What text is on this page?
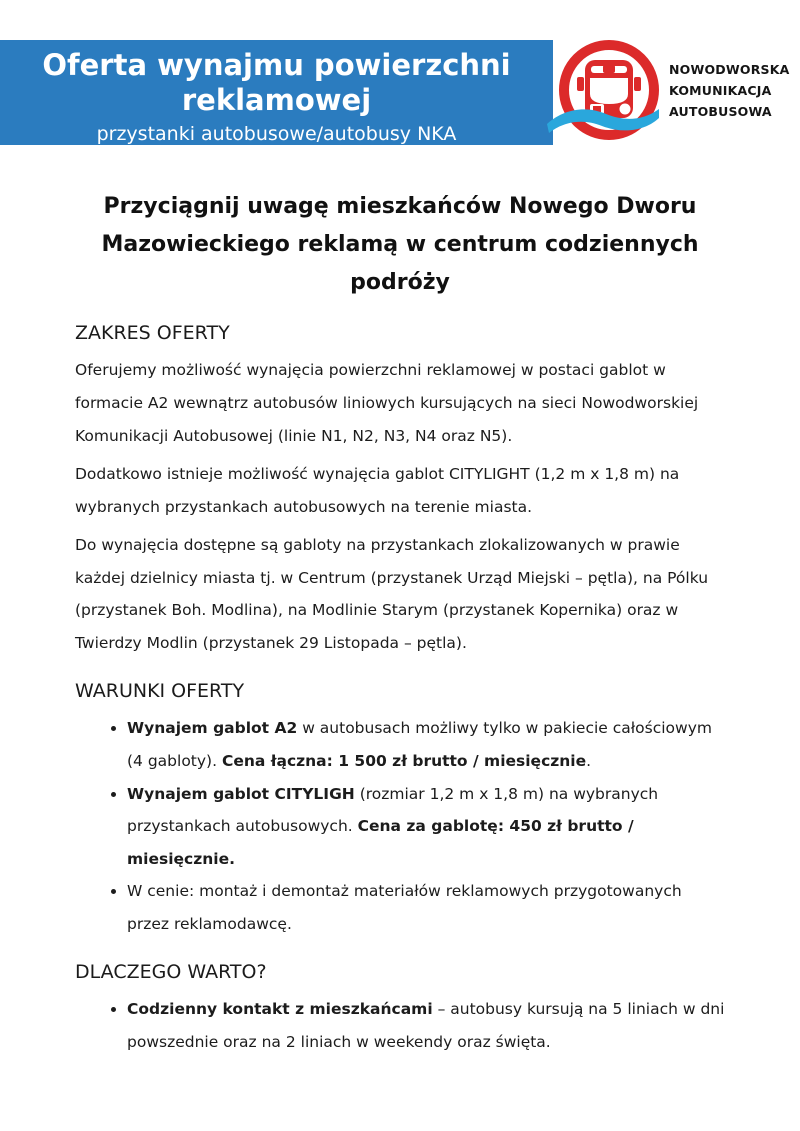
Oferta wynajmu powierzchni reklamowej
przystanki autobusowe/autobusy NKA
NOWODWORSKA
KOMUNIKACJA
AUTOBUSOWA
Przyciągnij uwagę mieszkańców Nowego Dworu Mazowieckiego reklamą w centrum codziennych podróży
ZAKRES OFERTY

Oferujemy możliwość wynajęcia powierzchni reklamowej w postaci gablot w formacie A2 wewnątrz autobusów liniowych kursujących na sieci Nowodworskiej Komunikacji Autobusowej (linie N1, N2, N3, N4 oraz N5).

Dodatkowo istnieje możliwość wynajęcia gablot CITYLIGHT (1,2 m x 1,8 m) na wybranych przystankach autobusowych na terenie miasta.

Do wynajęcia dostępne są gabloty na przystankach zlokalizowanych w prawie każdej dzielnicy miasta tj. w Centrum (przystanek Urząd Miejski – pętla), na Pólku (przystanek Boh. Modlina), na Modlinie Starym (przystanek Kopernika) oraz w Twierdzy Modlin (przystanek 29 Listopada – pętla).

WARUNKI OFERTY
• Wynajem gablot A2 w autobusach możliwy tylko w pakiecie całościowym (4 gabloty). Cena łączna: 1 500 zł brutto / miesięcznie.
• Wynajem gablot CITYLIGH (rozmiar 1,2 m x 1,8 m) na wybranych przystankach autobusowych. Cena za gablotę: 450 zł brutto / miesięcznie.
• W cenie: montaż i demontaż materiałów reklamowych przygotowanych przez reklamodawcę.
DLACZEGO WARTO?
• Codzienny kontakt z mieszkańcami – autobusy kursują na 5 liniach w dni powszednie oraz na 2 liniach w weekendy oraz święta.
